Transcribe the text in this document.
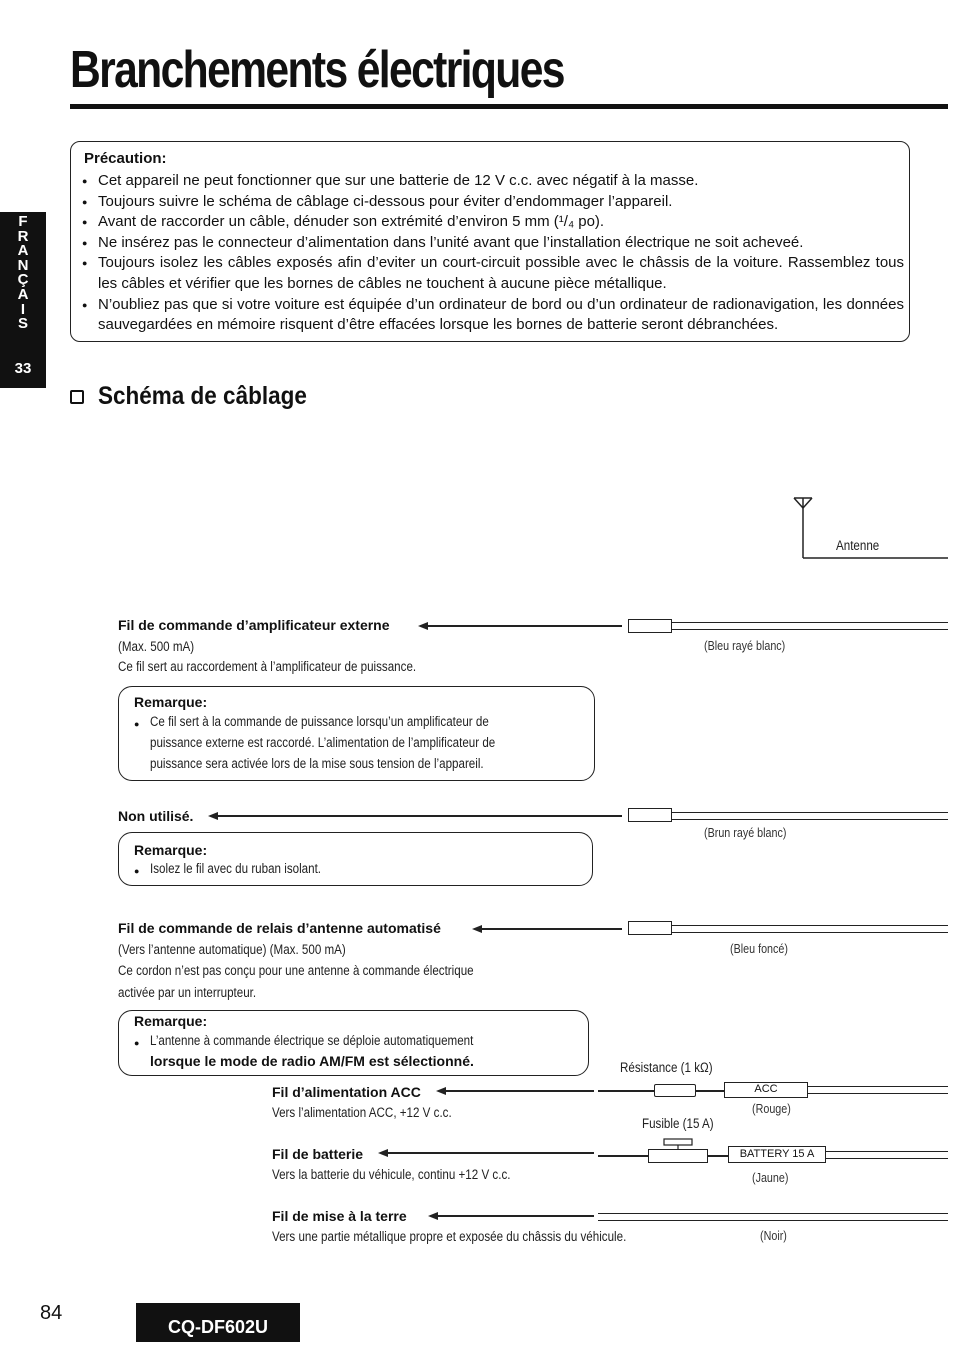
Branchements électriques
F
R
A
N
Ç
A
I
S
33
Précaution:
● Cet appareil ne peut fonctionner que sur une batterie de 12 V c.c. avec négatif à la masse.
● Toujours suivre le schéma de câblage ci-dessous pour éviter d’endommager l’appareil.
● Avant de raccorder un câble, dénuder son extrémité d’environ 5 mm (¹/₄ po).
● Ne insérez pas le connecteur d’alimentation dans l’unité avant que l’installation électrique ne soit acheveé.
● Toujours isolez les câbles exposés afin d’eviter un court-circuit possible avec le châssis de la voiture. Rassemblez tous les câbles et vérifier que les bornes de câbles ne touchent à aucune pièce métallique.
● N’oubliez pas que si votre voiture est équipée d’un ordinateur de bord ou d’un ordinateur de radionavigation, les données sauvegardées en mémoire risquent d’être effacées lorsque les bornes de batterie seront débranchées.
Schéma de câblage
Antenne
Fil de commande d’amplificateur externe
(Bleu rayé blanc)
(Max. 500 mA)
Ce fil sert au raccordement à l’amplificateur de puissance.
Remarque:
● Ce fil sert à la commande de puissance lorsqu’un amplificateur de
puissance externe est raccordé. L’alimentation de l’amplificateur de
puissance sera activée lors de la mise sous tension de l’appareil.
Non utilisé.
(Brun rayé blanc)
Remarque:
● Isolez le fil avec du ruban isolant.
Fil de commande de relais d’antenne automatisé
(Bleu foncé)
(Vers l’antenne automatique) (Max. 500 mA)
Ce cordon n’est pas conçu pour une antenne à commande électrique
activée par un interrupteur.
Remarque:
● L’antenne à commande électrique se déploie automatiquement
lorsque le mode de radio AM/FM est sélectionné.	Résistance (1 kΩ)
Fil d’alimentation ACC	ACC
(Rouge)
Vers l’alimentation ACC, +12 V c.c.
Fusible (15 A)
Fil de batterie	BATTERY 15 A
(Jaune)
Vers la batterie du véhicule, continu +12 V c.c.
Fil de mise à la terre
Vers une partie métallique propre et exposée du châssis du véhicule.	(Noir)
84
CQ-DF602U
